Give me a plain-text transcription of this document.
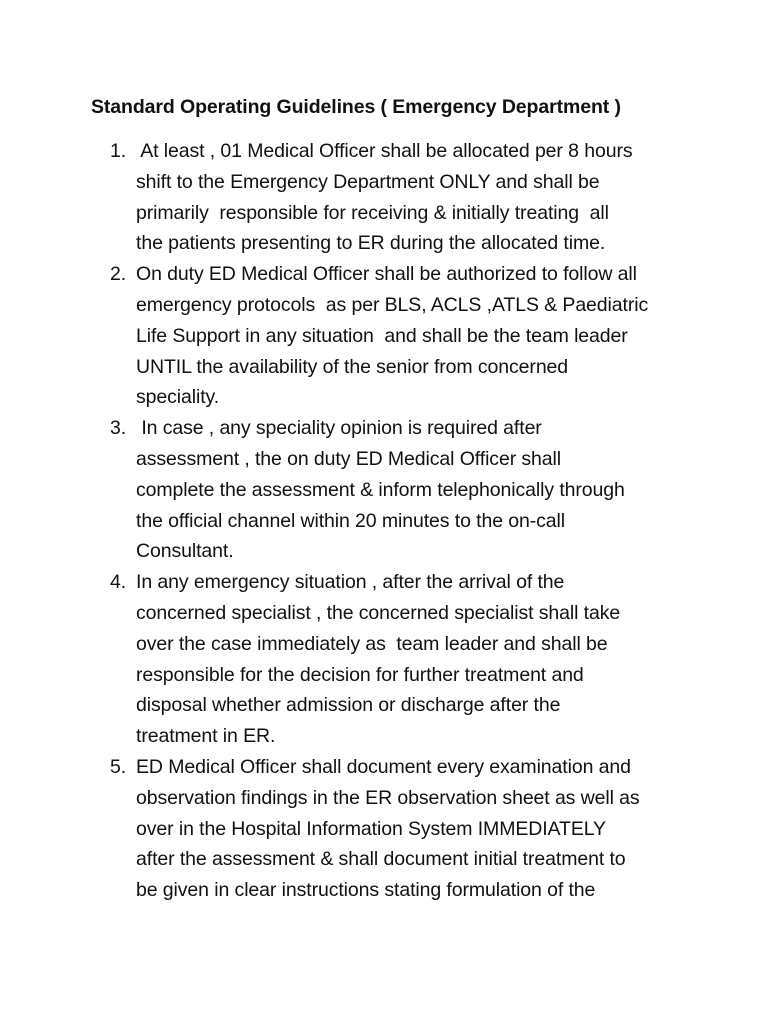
Standard Operating Guidelines ( Emergency Department )
1. At least , 01 Medical Officer shall be allocated per 8 hours
shift to the Emergency Department ONLY and shall be
primarily  responsible for receiving & initially treating  all
the patients presenting to ER during the allocated time.
2. On duty ED Medical Officer shall be authorized to follow all
emergency protocols  as per BLS, ACLS ,ATLS & Paediatric
Life Support in any situation  and shall be the team leader
UNTIL the availability of the senior from concerned
speciality.
3. In case , any speciality opinion is required after
assessment , the on duty ED Medical Officer shall
complete the assessment & inform telephonically through
the official channel within 20 minutes to the on-call
Consultant.
4. In any emergency situation , after the arrival of the
concerned specialist , the concerned specialist shall take
over the case immediately as  team leader and shall be
responsible for the decision for further treatment and
disposal whether admission or discharge after the
treatment in ER.
5. ED Medical Officer shall document every examination and
observation findings in the ER observation sheet as well as
over in the Hospital Information System IMMEDIATELY
after the assessment & shall document initial treatment to
be given in clear instructions stating formulation of the
